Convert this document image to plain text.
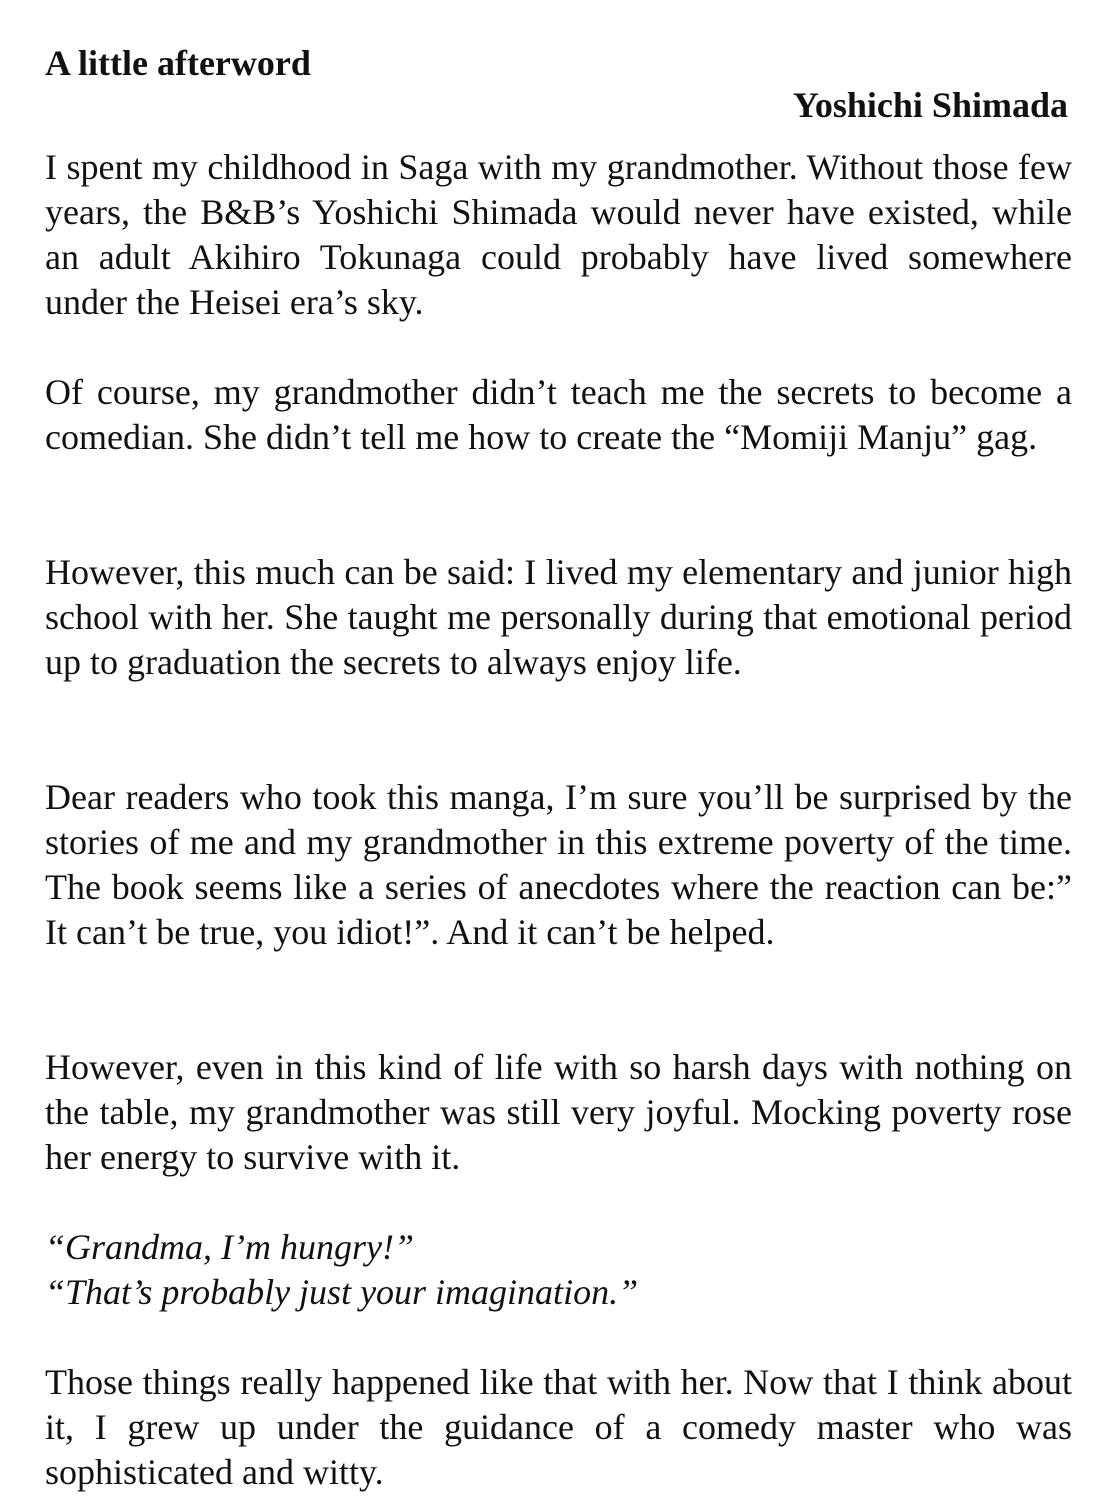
A little afterword
Yoshichi Shimada

I spent my childhood in Saga with my grandmother. Without those few years, the B&B’s Yoshichi Shimada would never have existed, while an adult Akihiro Tokunaga could probably have lived somewhere under the Heisei era’s sky.

Of course, my grandmother didn’t teach me the secrets to become a comedian. She didn’t tell me how to create the “Momiji Manju” gag.

However, this much can be said: I lived my elementary and junior high school with her. She taught me personally during that emotional period up to graduation the secrets to always enjoy life.

Dear readers who took this manga, I’m sure you’ll be surprised by the stories of me and my grandmother in this extreme poverty of the time. The book seems like a series of anecdotes where the reaction can be:” It can’t be true, you idiot!”. And it can’t be helped.

However, even in this kind of life with so harsh days with nothing on the table, my grandmother was still very joyful. Mocking poverty rose her energy to survive with it.

“Grandma, I’m hungry!”
“That’s probably just your imagination.”

Those things really happened like that with her. Now that I think about it, I grew up under the guidance of a comedy master who was sophisticated and witty.
